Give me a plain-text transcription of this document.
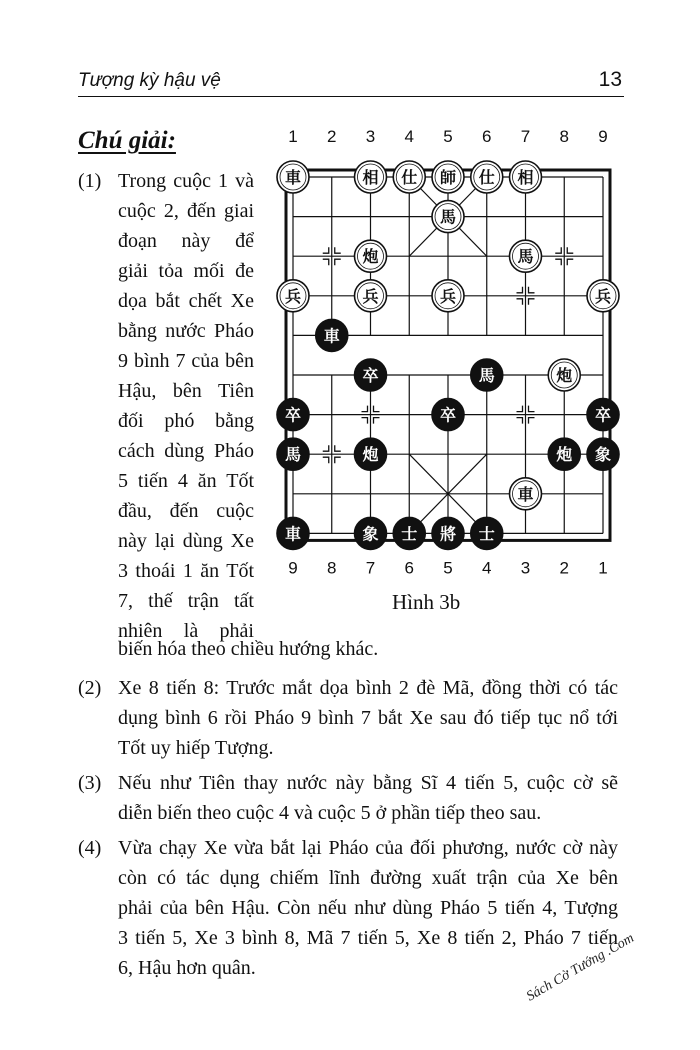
Tượng kỳ hậu vệ	13
Chú giải:
(1) Trong cuộc 1 và
cuộc 2, đến giai
đoạn này để
giải tỏa mối đe
dọa bắt chết Xe
bằng nước Pháo
9 bình 7 của bên
Hậu, bên Tiên
đối phó bằng
cách dùng Pháo
5 tiến 4 ăn Tốt
đầu, đến cuộc
này lại dùng Xe
3 thoái 1 ăn Tốt
7, thế trận tất
nhiên là phải
biến hóa theo chiều hướng khác.
1 2 3 4 5 6 7 8 9
9 8 7 6 5 4 3 2 1
車	相 仕 師 仕 相
馬
炮	馬
兵	兵	兵	兵
車
卒	馬	炮
卒	卒	卒
馬	炮	炮 象
車
車	象 士 將 士
Hình 3b
(2) Xe 8 tiến 8: Trước mắt dọa bình 2 đè Mã, đồng thời có tác
dụng bình 6 rồi Pháo 9 bình 7 bắt Xe sau đó tiếp tục nổ tới
Tốt uy hiếp Tượng.
(3) Nếu như Tiên thay nước này bằng Sĩ 4 tiến 5, cuộc cờ sẽ
diễn biến theo cuộc 4 và cuộc 5 ở phần tiếp theo sau.
(4) Vừa chạy Xe vừa bắt lại Pháo của đối phương, nước cờ này
còn có tác dụng chiếm lĩnh đường xuất trận của Xe bên
phải của bên Hậu. Còn nếu như dùng Pháo 5 tiến 4, Tượng
3 tiến 5, Xe 3 bình 8, Mã 7 tiến 5, Xe 8 tiến 2, Pháo 7 tiến
6, Hậu hơn quân.	Sách Cờ Tướng .Com
